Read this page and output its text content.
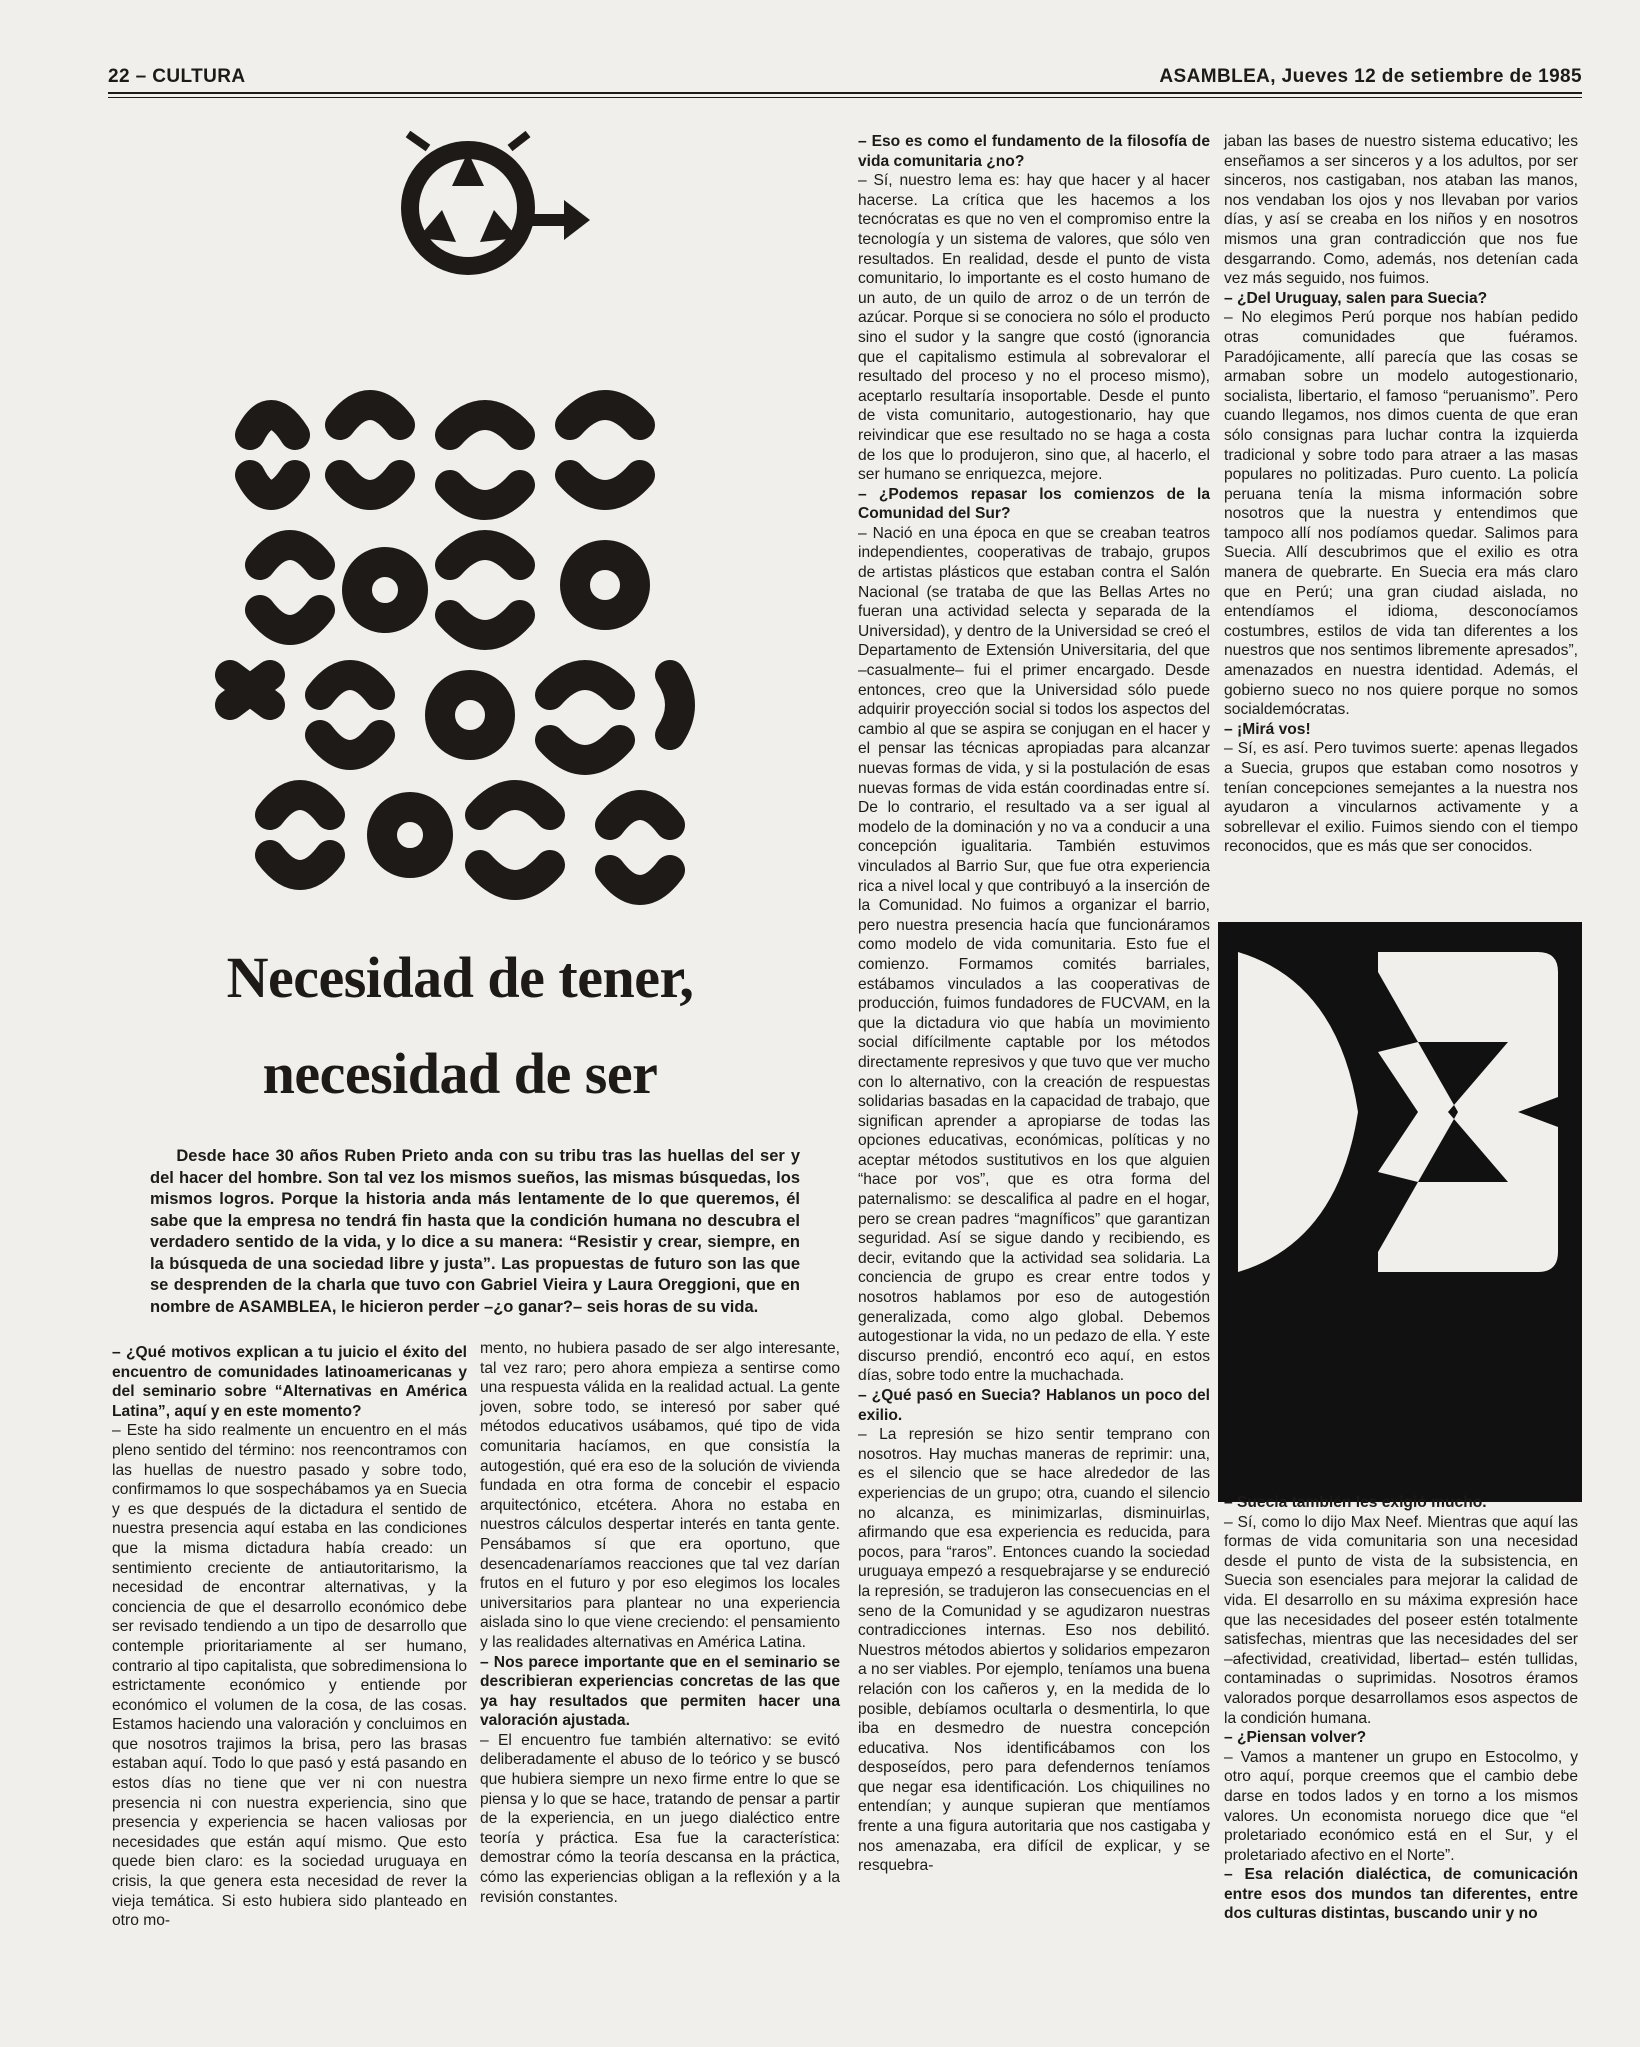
22 – CULTURA	ASAMBLEA, Jueves 12 de setiembre de 1985
Necesidad de tener,
necesidad de ser
Desde hace 30 años Ruben Prieto anda con su tribu tras las huellas del ser y del hacer del hombre. Son tal vez los mismos sueños, las mismas búsquedas, los mismos logros. Porque la historia anda más lentamente de lo que queremos, él sabe que la empresa no tendrá fin hasta que la condición humana no descubra el verdadero sentido de la vida, y lo dice a su manera: “Resistir y crear, siempre, en la búsqueda de una sociedad libre y justa”. Las propuestas de futuro son las que se desprenden de la charla que tuvo con Gabriel Vieira y Laura Oreggioni, que en nombre de ASAMBLEA, le hicieron perder –¿o ganar?– seis horas de su vida.

– ¿Qué motivos explican a tu juicio el éxito del encuentro de comunidades latinoamericanas y del seminario sobre “Alternativas en América Latina”, aquí y en este momento?

– Este ha sido realmente un encuentro en el más pleno sentido del término: nos reencontramos con las huellas de nuestro pasado y sobre todo, confirmamos lo que sospechábamos ya en Suecia y es que después de la dictadura el sentido de nuestra presencia aquí estaba en las condiciones que la misma dictadura había creado: un sentimiento creciente de antiautoritarismo, la necesidad de encontrar alternativas, y la conciencia de que el desarrollo económico debe ser revisado tendiendo a un tipo de desarrollo que contemple prioritariamente al ser humano, contrario al tipo capitalista, que sobredimensiona lo estrictamente económico y entiende por económico el volumen de la cosa, de las cosas. Estamos haciendo una valoración y concluimos en que nosotros trajimos la brisa, pero las brasas estaban aquí. Todo lo que pasó y está pasando en estos días no tiene que ver ni con nuestra presencia ni con nuestra experiencia, sino que presencia y experiencia se hacen valiosas por necesidades que están aquí mismo. Que esto quede bien claro: es la sociedad uruguaya en crisis, la que genera esta necesidad de rever la vieja temática. Si esto hubiera sido planteado en otro mo-

mento, no hubiera pasado de ser algo interesante, tal vez raro; pero ahora empieza a sentirse como una respuesta válida en la realidad actual. La gente joven, sobre todo, se interesó por saber qué métodos educativos usábamos, qué tipo de vida comunitaria hacíamos, en que consistía la autogestión, qué era eso de la solución de vivienda fundada en otra forma de concebir el espacio arquitectónico, etcétera. Ahora no estaba en nuestros cálculos despertar interés en tanta gente. Pensábamos sí que era oportuno, que desencadenaríamos reacciones que tal vez darían frutos en el futuro y por eso elegimos los locales universitarios para plantear no una experiencia aislada sino lo que viene creciendo: el pensamiento y las realidades alternativas en América Latina.

– Nos parece importante que en el seminario se describieran experiencias concretas de las que ya hay resultados que permiten hacer una valoración ajustada.

– El encuentro fue también alternativo: se evitó deliberadamente el abuso de lo teórico y se buscó que hubiera siempre un nexo firme entre lo que se piensa y lo que se hace, tratando de pensar a partir de la experiencia, en un juego dialéctico entre teoría y práctica. Esa fue la característica: demostrar cómo la teoría descansa en la práctica, cómo las experiencias obligan a la reflexión y a la revisión constantes.

– Eso es como el fundamento de la filosofía de vida comunitaria ¿no?

– Sí, nuestro lema es: hay que hacer y al hacer hacerse. La crítica que les hacemos a los tecnócratas es que no ven el compromiso entre la tecnología y un sistema de valores, que sólo ven resultados. En realidad, desde el punto de vista comunitario, lo importante es el costo humano de un auto, de un quilo de arroz o de un terrón de azúcar. Porque si se conociera no sólo el producto sino el sudor y la sangre que costó (ignorancia que el capitalismo estimula al sobrevalorar el resultado del proceso y no el proceso mismo), aceptarlo resultaría insoportable. Desde el punto de vista comunitario, autogestionario, hay que reivindicar que ese resultado no se haga a costa de los que lo produjeron, sino que, al hacerlo, el ser humano se enriquezca, mejore.

– ¿Podemos repasar los comienzos de la Comunidad del Sur?

– Nació en una época en que se creaban teatros independientes, cooperativas de trabajo, grupos de artistas plásticos que estaban contra el Salón Nacional (se trataba de que las Bellas Artes no fueran una actividad selecta y separada de la Universidad), y dentro de la Universidad se creó el Departamento de Extensión Universitaria, del que –casualmente– fui el primer encargado. Desde entonces, creo que la Universidad sólo puede adquirir proyección social si todos los aspectos del cambio al que se aspira se conjugan en el hacer y el pensar las técnicas apropiadas para alcanzar nuevas formas de vida, y si la postulación de esas nuevas formas de vida están coordinadas entre sí. De lo contrario, el resultado va a ser igual al modelo de la dominación y no va a conducir a una concepción igualitaria. También estuvimos vinculados al Barrio Sur, que fue otra experiencia rica a nivel local y que contribuyó a la inserción de la Comunidad. No fuimos a organizar el barrio, pero nuestra presencia hacía que funcionáramos como modelo de vida comunitaria. Esto fue el comienzo. Formamos comités barriales, estábamos vinculados a las cooperativas de producción, fuimos fundadores de FUCVAM, en la que la dictadura vio que había un movimiento social difícilmente captable por los métodos directamente represivos y que tuvo que ver mucho con lo alternativo, con la creación de respuestas solidarias basadas en la capacidad de trabajo, que significan aprender a apropiarse de todas las opciones educativas, económicas, políticas y no aceptar métodos sustitutivos en los que alguien “hace por vos”, que es otra forma del paternalismo: se descalifica al padre en el hogar, pero se crean padres “magníficos” que garantizan seguridad. Así se sigue dando y recibiendo, es decir, evitando que la actividad sea solidaria. La conciencia de grupo es crear entre todos y nosotros hablamos por eso de autogestión generalizada, como algo global. Debemos autogestionar la vida, no un pedazo de ella. Y este discurso prendió, encontró eco aquí, en estos días, sobre todo entre la muchachada.

– ¿Qué pasó en Suecia? Hablanos un poco del exilio.

– La represión se hizo sentir temprano con nosotros. Hay muchas maneras de reprimir: una, es el silencio que se hace alrededor de las experiencias de un grupo; otra, cuando el silencio no alcanza, es minimizarlas, disminuirlas, afirmando que esa experiencia es reducida, para pocos, para “raros”. Entonces cuando la sociedad uruguaya empezó a resquebrajarse y se endureció la represión, se tradujeron las consecuencias en el seno de la Comunidad y se agudizaron nuestras contradicciones internas. Eso nos debilitó. Nuestros métodos abiertos y solidarios empezaron a no ser viables. Por ejemplo, teníamos una buena relación con los cañeros y, en la medida de lo posible, debíamos ocultarla o desmentirla, lo que iba en desmedro de nuestra concepción educativa. Nos identificábamos con los desposeídos, pero para defendernos teníamos que negar esa identificación. Los chiquilines no entendían; y aunque supieran que mentíamos frente a una figura autoritaria que nos castigaba y nos amenazaba, era difícil de explicar, y se resquebra-

jaban las bases de nuestro sistema educativo; les enseñamos a ser sinceros y a los adultos, por ser sinceros, nos castigaban, nos ataban las manos, nos vendaban los ojos y nos llevaban por varios días, y así se creaba en los niños y en nosotros mismos una gran contradicción que nos fue desgarrando. Como, además, nos detenían cada vez más seguido, nos fuimos.

– ¿Del Uruguay, salen para Suecia?

– No elegimos Perú porque nos habían pedido otras comunidades que fuéramos. Paradójicamente, allí parecía que las cosas se armaban sobre un modelo autogestionario, socialista, libertario, el famoso “peruanismo”. Pero cuando llegamos, nos dimos cuenta de que eran sólo consignas para luchar contra la izquierda tradicional y sobre todo para atraer a las masas populares no politizadas. Puro cuento. La policía peruana tenía la misma información sobre nosotros que la nuestra y entendimos que tampoco allí nos podíamos quedar. Salimos para Suecia. Allí descubrimos que el exilio es otra manera de quebrarte. En Suecia era más claro que en Perú; una gran ciudad aislada, no entendíamos el idioma, desconocíamos costumbres, estilos de vida tan diferentes a los nuestros que nos sentimos libremente apresados”, amenazados en nuestra identidad. Además, el gobierno sueco no nos quiere porque no somos socialdemócratas.

– ¡Mirá vos!

– Sí, es así. Pero tuvimos suerte: apenas llegados a Suecia, grupos que estaban como nosotros y tenían concepciones semejantes a la nuestra nos ayudaron a vincularnos activamente y a sobrellevar el exilio. Fuimos siendo con el tiempo reconocidos, que es más que ser conocidos.

– Suecia también les exigió mucho.

– Sí, como lo dijo Max Neef. Mientras que aquí las formas de vida comunitaria son una necesidad desde el punto de vista de la subsistencia, en Suecia son esenciales para mejorar la calidad de vida. El desarrollo en su máxima expresión hace que las necesidades del poseer estén totalmente satisfechas, mientras que las necesidades del ser –afectividad, creatividad, libertad– estén tullidas, contaminadas o suprimidas. Nosotros éramos valorados porque desarrollamos esos aspectos de la condición humana.

– ¿Piensan volver?

– Vamos a mantener un grupo en Estocolmo, y otro aquí, porque creemos que el cambio debe darse en todos lados y en torno a los mismos valores. Un economista noruego dice que “el proletariado económico está en el Sur, y el proletariado afectivo en el Norte”.

– Esa relación dialéctica, de comunicación entre esos dos mundos tan diferentes, entre dos culturas distintas, buscando unir y no
